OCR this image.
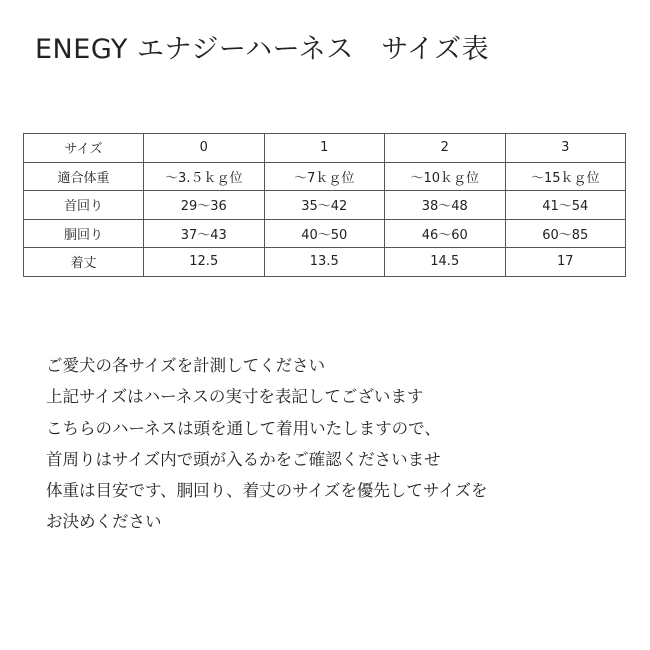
ENEGY エナジーハーネス　サイズ表
サイズ	0	1	2	3
適合体重	～3.５ｋｇ位	～7ｋｇ位	～10ｋｇ位	～15ｋｇ位
首回り	29～36	35～42	38～48	41～54
胴回り	37～43	40～50	46～60	60～85
着丈	12.5	13.5	14.5	17
ご愛犬の各サイズを計測してください
上記サイズはハーネスの実寸を表記してございます
こちらのハーネスは頭を通して着用いたしますので、
首周りはサイズ内で頭が入るかをご確認くださいませ
体重は目安です、胴回り、着丈のサイズを優先してサイズを
お決めください
